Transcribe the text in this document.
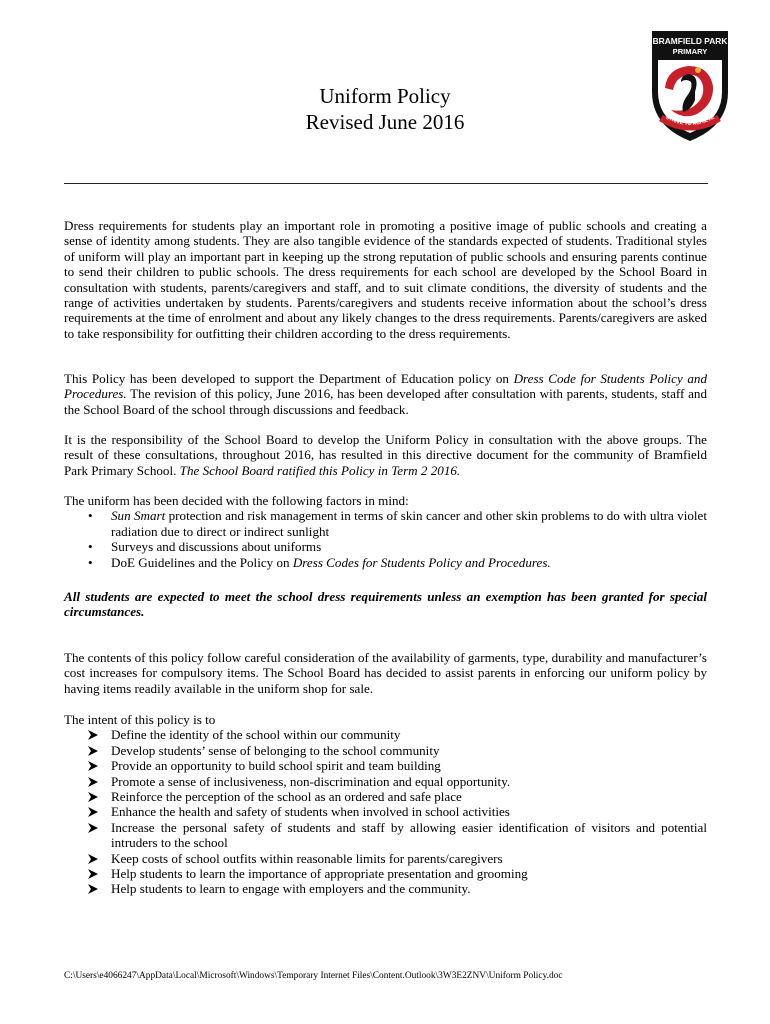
BRAMFIELD PARK
PRIMARY
STRIVE TO ACHIEVE
Uniform Policy
Revised June 2016

Dress requirements for students play an important role in promoting a positive image of public schools and creating a sense of identity among students. They are also tangible evidence of the standards expected of students. Traditional styles of uniform will play an important part in keeping up the strong reputation of public schools and ensuring parents continue to send their children to public schools. The dress requirements for each school are developed by the School Board in consultation with students, parents/caregivers and staff, and to suit climate conditions, the diversity of students and the range of activities undertaken by students. Parents/caregivers and students receive information about the school’s dress requirements at the time of enrolment and about any likely changes to the dress requirements. Parents/caregivers are asked to take responsibility for outfitting their children according to the dress requirements.

This Policy has been developed to support the Department of Education policy on Dress Code for Students Policy and Procedures. The revision of this policy, June 2016, has been developed after consultation with parents, students, staff and the School Board of the school through discussions and feedback.

It is the responsibility of the School Board to develop the Uniform Policy in consultation with the above groups. The result of these consultations, throughout 2016, has resulted in this directive document for the community of Bramfield Park Primary School. The School Board ratified this Policy in Term 2 2016.

The uniform has been decided with the following factors in mind:

• Sun Smart protection and risk management in terms of skin cancer and other skin problems to do with ultra violet radiation due to direct or indirect sunlight
• Surveys and discussions about uniforms
• DoE Guidelines and the Policy on Dress Codes for Students Policy and Procedures.

All students are expected to meet the school dress requirements unless an exemption has been granted for special circumstances.

The contents of this policy follow careful consideration of the availability of garments, type, durability and manufacturer’s cost increases for compulsory items. The School Board has decided to assist parents in enforcing our uniform policy by having items readily available in the uniform shop for sale.

The intent of this policy is to

Define the identity of the school within our community
Develop students’ sense of belonging to the school community
Provide an opportunity to build school spirit and team building
Promote a sense of inclusiveness, non-discrimination and equal opportunity.
Reinforce the perception of the school as an ordered and safe place
Enhance the health and safety of students when involved in school activities
Increase the personal safety of students and staff by allowing easier identification of visitors and potential intruders to the school
Keep costs of school outfits within reasonable limits for parents/caregivers
Help students to learn the importance of appropriate presentation and grooming
Help students to learn to engage with employers and the community.
C:\Users\e4066247\AppData\Local\Microsoft\Windows\Temporary Internet Files\Content.Outlook\3W3E2ZNV\Uniform Policy.doc
